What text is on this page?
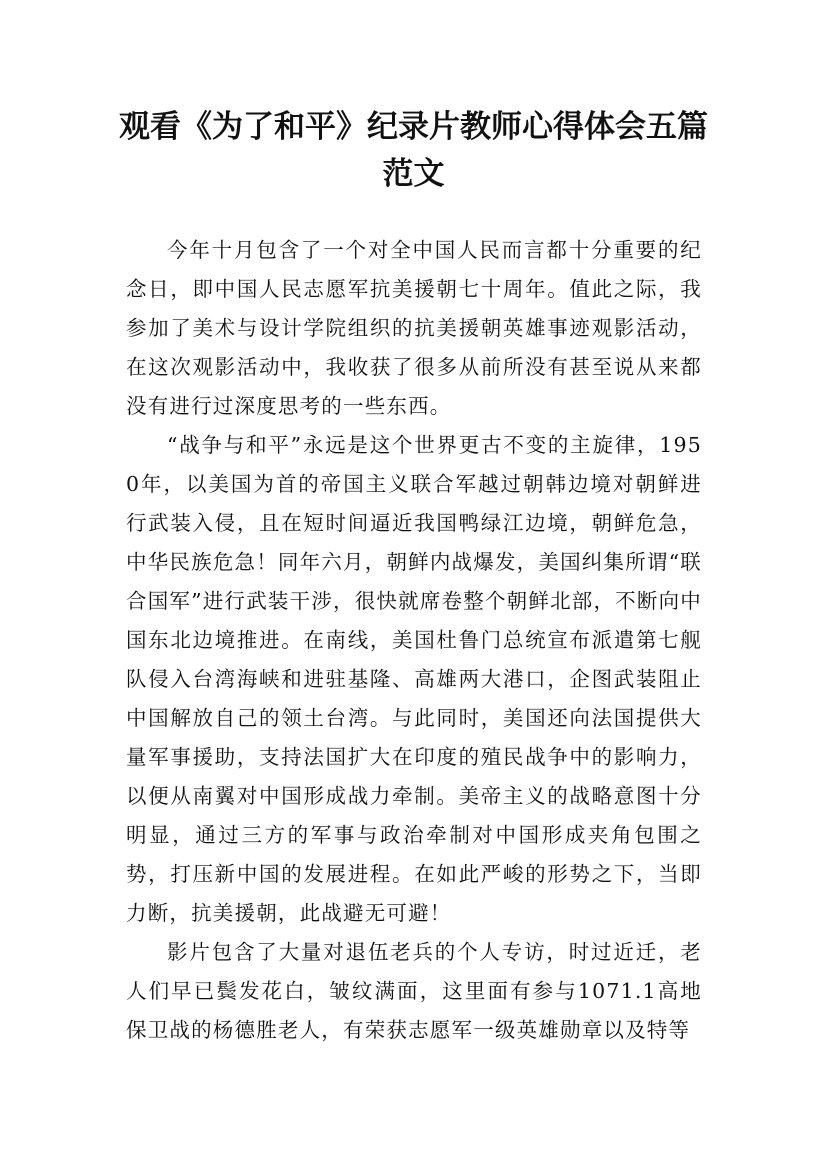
观看《为了和平》纪录片教师心得体会五篇范文

今年十月包含了一个对全中国人民而言都十分重要的纪念日，即中国人民志愿军抗美援朝七十周年。值此之际，我参加了美术与设计学院组织的抗美援朝英雄事迹观影活动，在这次观影活动中，我收获了很多从前所没有甚至说从来都没有进行过深度思考的一些东西。

“战争与和平”永远是这个世界更古不变的主旋律，1950年，以美国为首的帝国主义联合军越过朝韩边境对朝鲜进行武装入侵，且在短时间逼近我国鸭绿江边境，朝鲜危急，中华民族危急！同年六月，朝鲜内战爆发，美国纠集所谓“联合国军”进行武装干涉，很快就席卷整个朝鲜北部，不断向中国东北边境推进。在南线，美国杜鲁门总统宣布派遣第七舰队侵入台湾海峡和进驻基隆、高雄两大港口，企图武装阻止中国解放自己的领土台湾。与此同时，美国还向法国提供大量军事援助，支持法国扩大在印度的殖民战争中的影响力，以便从南翼对中国形成战力牵制。美帝主义的战略意图十分明显，通过三方的军事与政治牵制对中国形成夹角包围之势，打压新中国的发展进程。在如此严峻的形势之下，当即力断，抗美援朝，此战避无可避！

影片包含了大量对退伍老兵的个人专访，时过近迁，老人们早已鬓发花白，皱纹满面，这里面有参与1071.1高地保卫战的杨德胜老人，有荣获志愿军一级英雄勋章以及特等
